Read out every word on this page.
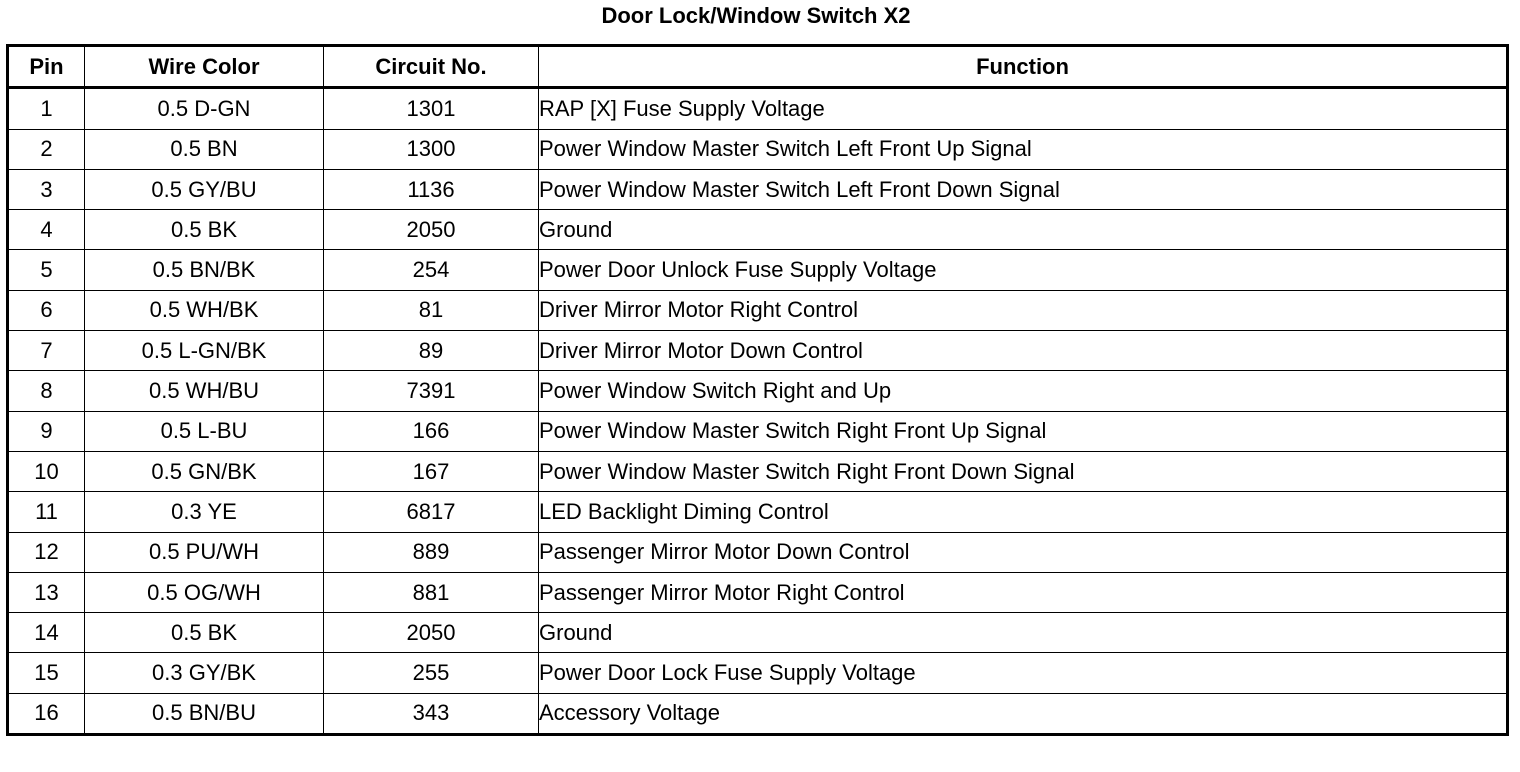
Door Lock/Window Switch X2
Pin	Wire Color	Circuit No.	Function
1	0.5 D-GN	1301	RAP [X] Fuse Supply Voltage
2	0.5 BN	1300	Power Window Master Switch Left Front Up Signal
3	0.5 GY/BU	1136	Power Window Master Switch Left Front Down Signal
4	0.5 BK	2050	Ground
5	0.5 BN/BK	254	Power Door Unlock Fuse Supply Voltage
6	0.5 WH/BK	81	Driver Mirror Motor Right Control
7	0.5 L-GN/BK	89	Driver Mirror Motor Down Control
8	0.5 WH/BU	7391	Power Window Switch Right and Up
9	0.5 L-BU	166	Power Window Master Switch Right Front Up Signal
10	0.5 GN/BK	167	Power Window Master Switch Right Front Down Signal
11	0.3 YE	6817	LED Backlight Diming Control
12	0.5 PU/WH	889	Passenger Mirror Motor Down Control
13	0.5 OG/WH	881	Passenger Mirror Motor Right Control
14	0.5 BK	2050	Ground
15	0.3 GY/BK	255	Power Door Lock Fuse Supply Voltage
16	0.5 BN/BU	343	Accessory Voltage
